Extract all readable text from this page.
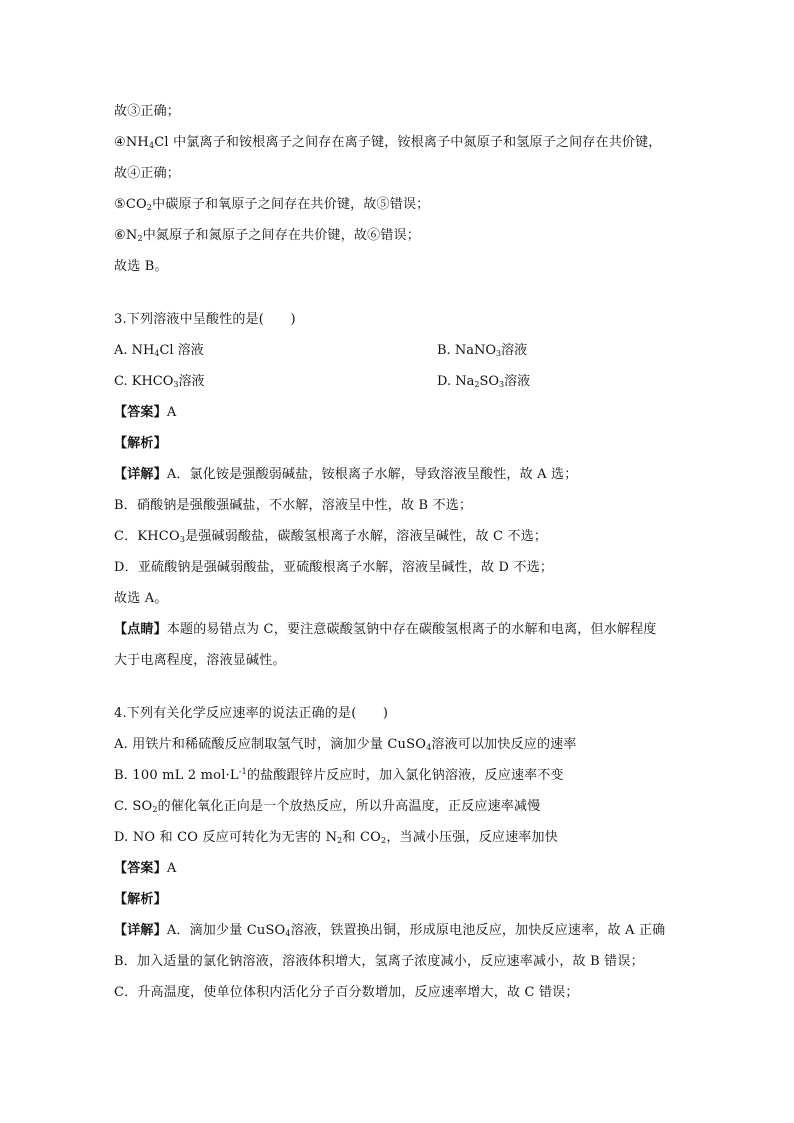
故③正确；
$④NH_4Cl$ 中氯离子和铵根离子之间存在离子键，铵根离子中氮原子和氢原子之间存在共价键，
故④正确；
$⑤CO_2$中碳原子和氧原子之间存在共价键，故⑤错误；
$⑥N_2$中氮原子和氮原子之间存在共价键，故⑥错误；
故选 B。
3.下列溶液中呈酸性的是(　　)
A. $NH_4Cl$ 溶液	B. NaNO$_3$溶液
C. $KHCO_3$溶液	D. $Na_2SO_3$溶液
【答案】A
【解析】
【详解】A．氯化铵是强酸弱碱盐，铵根离子水解，导致溶液呈酸性，故 A 选；
B．硝酸钠是强酸强碱盐，不水解，溶液呈中性，故 B 不选；
C．$KHCO_3$是强碱弱酸盐，碳酸氢根离子水解，溶液呈碱性，故 C 不选；
D．亚硫酸钠是强碱弱酸盐，亚硫酸根离子水解，溶液呈碱性，故 D 不选；
故选 A。
【点睛】本题的易错点为 C，要注意碳酸氢钠中存在碳酸氢根离子的水解和电离，但水解程度
大于电离程度，溶液显碱性。
4.下列有关化学反应速率的说法正确的是(　　)
A. 用铁片和稀硫酸反应制取氢气时，滴加少量 CuSO$_4$溶液可以加快反应的速率
B. 100 mL 2 $mol\cdot L^{-1}$的盐酸跟锌片反应时，加入氯化钠溶液，反应速率不变
C. $SO_2$的催化氧化正向是一个放热反应，所以升高温度，正反应速率减慢
D. NO 和 CO 反应可转化为无害的 $N_2$和 $CO_2$，当减小压强，反应速率加快
【答案】A
【解析】
【详解】A．滴加少量 CuSO$_4$溶液，铁置换出铜，形成原电池反应，加快反应速率，故 A 正确
B．加入适量的氯化钠溶液，溶液体积增大，氢离子浓度减小，反应速率减小，故 B 错误；
C．升高温度，使单位体积内活化分子百分数增加，反应速率增大，故 C 错误；
